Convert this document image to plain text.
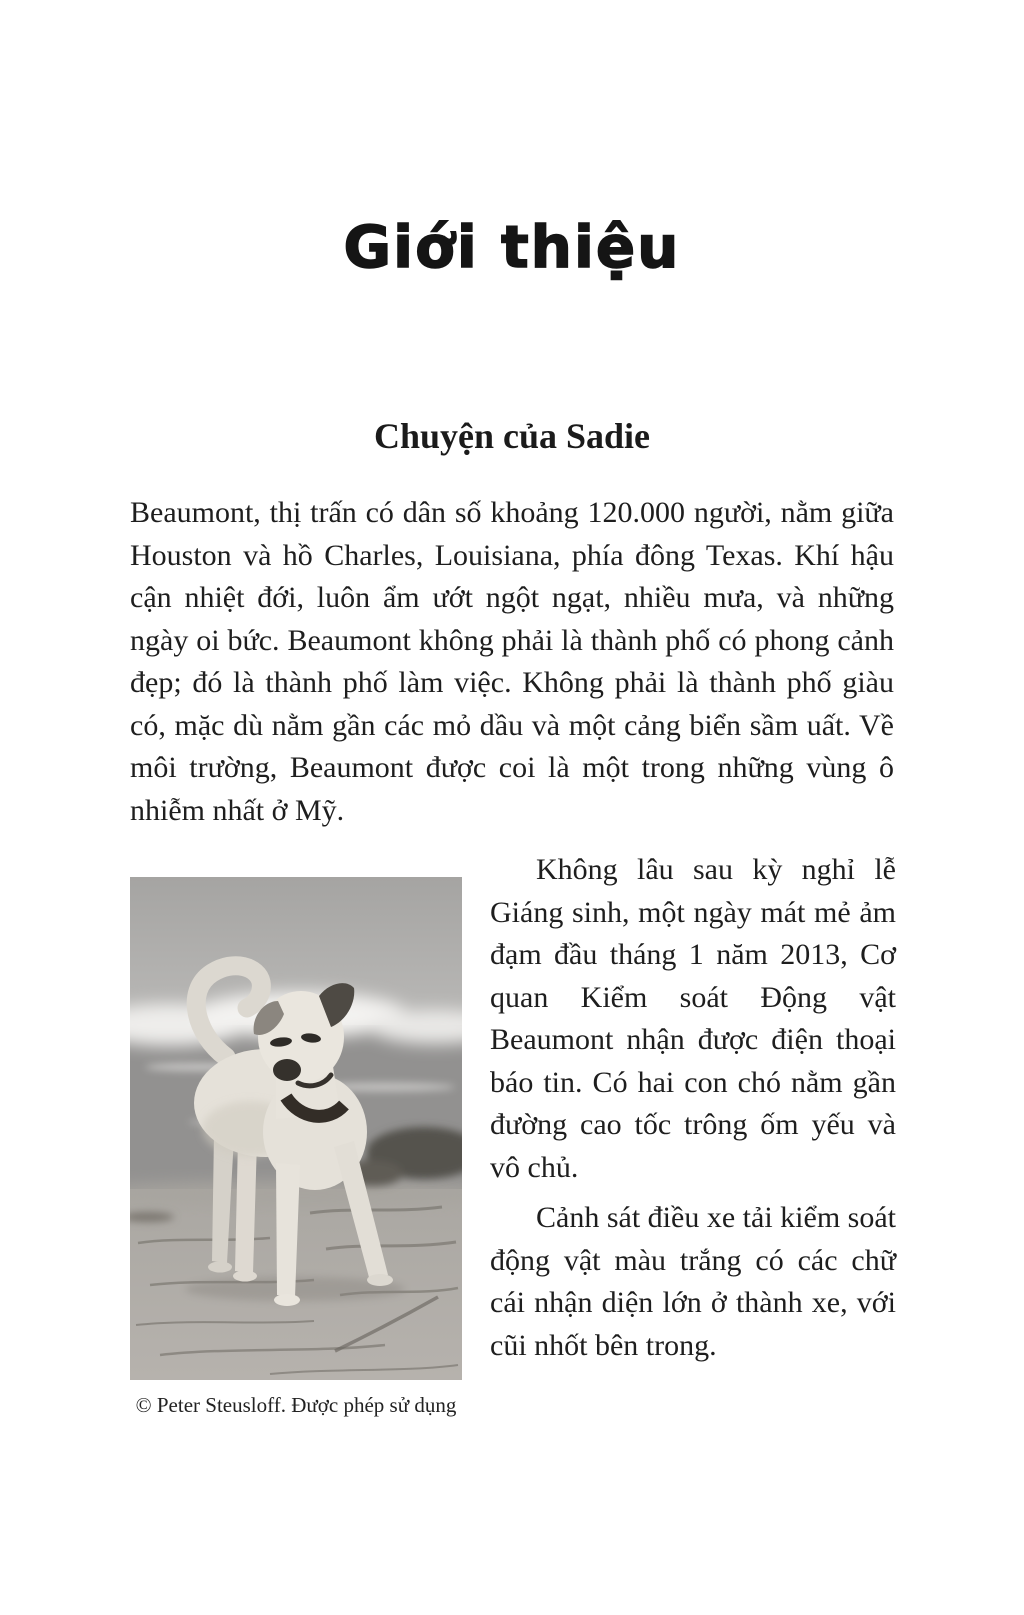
Giới thiệu
Chuyện của Sadie

Beaumont, thị trấn có dân số khoảng 120.000 người, nằm giữa Houston và hồ Charles, Louisiana, phía đông Texas. Khí hậu cận nhiệt đới, luôn ẩm ướt ngột ngạt, nhiều mưa, và những ngày oi bức. Beaumont không phải là thành phố có phong cảnh đẹp; đó là thành phố làm việc. Không phải là thành phố giàu có, mặc dù nằm gần các mỏ dầu và một cảng biển sầm uất. Về môi trường, Beaumont được coi là một trong những vùng ô nhiễm nhất ở Mỹ.

© Peter Steusloff. Được phép sử dụng

Không lâu sau kỳ nghỉ lễ Giáng sinh, một ngày mát mẻ ảm đạm đầu tháng 1 năm 2013, Cơ quan Kiểm soát Động vật Beaumont nhận được điện thoại báo tin. Có hai con chó nằm gần đường cao tốc trông ốm yếu và vô chủ.

Cảnh sát điều xe tải kiểm soát động vật màu trắng có các chữ cái nhận diện lớn ở thành xe, với cũi nhốt bên trong.
